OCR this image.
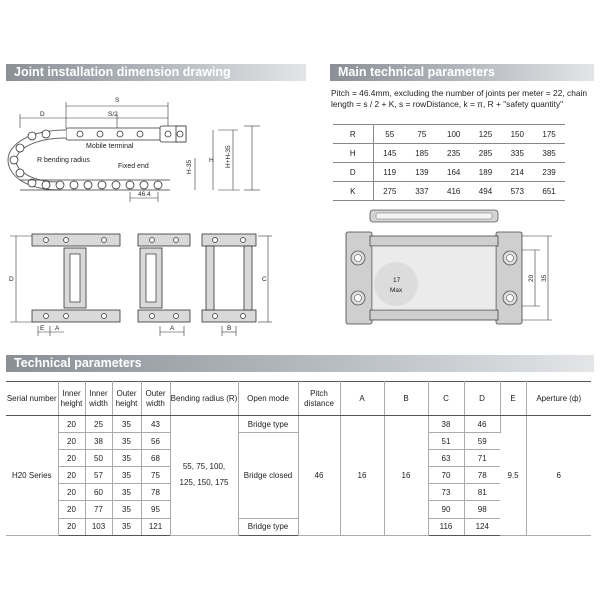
Joint installation dimension drawing	Main technical parameters
Technical parameters
S
D	S/2
Mobile terminal
R bending radius
Fixed end
H
H-35	H+H-35
46.4
D
E A	A
C
B
Pitch = 46.4mm, excluding the number of joints per meter = 22, chain length = s / 2 + K, s = rowDistance, k = π, R + "safety quantity"
R	55	75	100	125	150	175
H	145	185	235	285	335	385
D	119	139	164	189	214	239
K	275	337	416	494	573	651
17
Max
20 35
Serial number	Inner height	Inner width	Outer height	Outer width	Bending radius (R)	Open mode	Pitch distance	A	B	C	D	E	Aperture (ф)
H20 Series	20	25	35	43	55, 75, 100, 125, 150, 175	Bridge type	46	16	16	38	46	9.5	6
	20	38	35	56		Bridge closed				51	59		
	20	50	35	68						63	71		
	20	57	35	75						70	78		
	20	60	35	78						73	81		
	20	77	35	95						90	98		
	20	103	35	121		Bridge type				116	124		
